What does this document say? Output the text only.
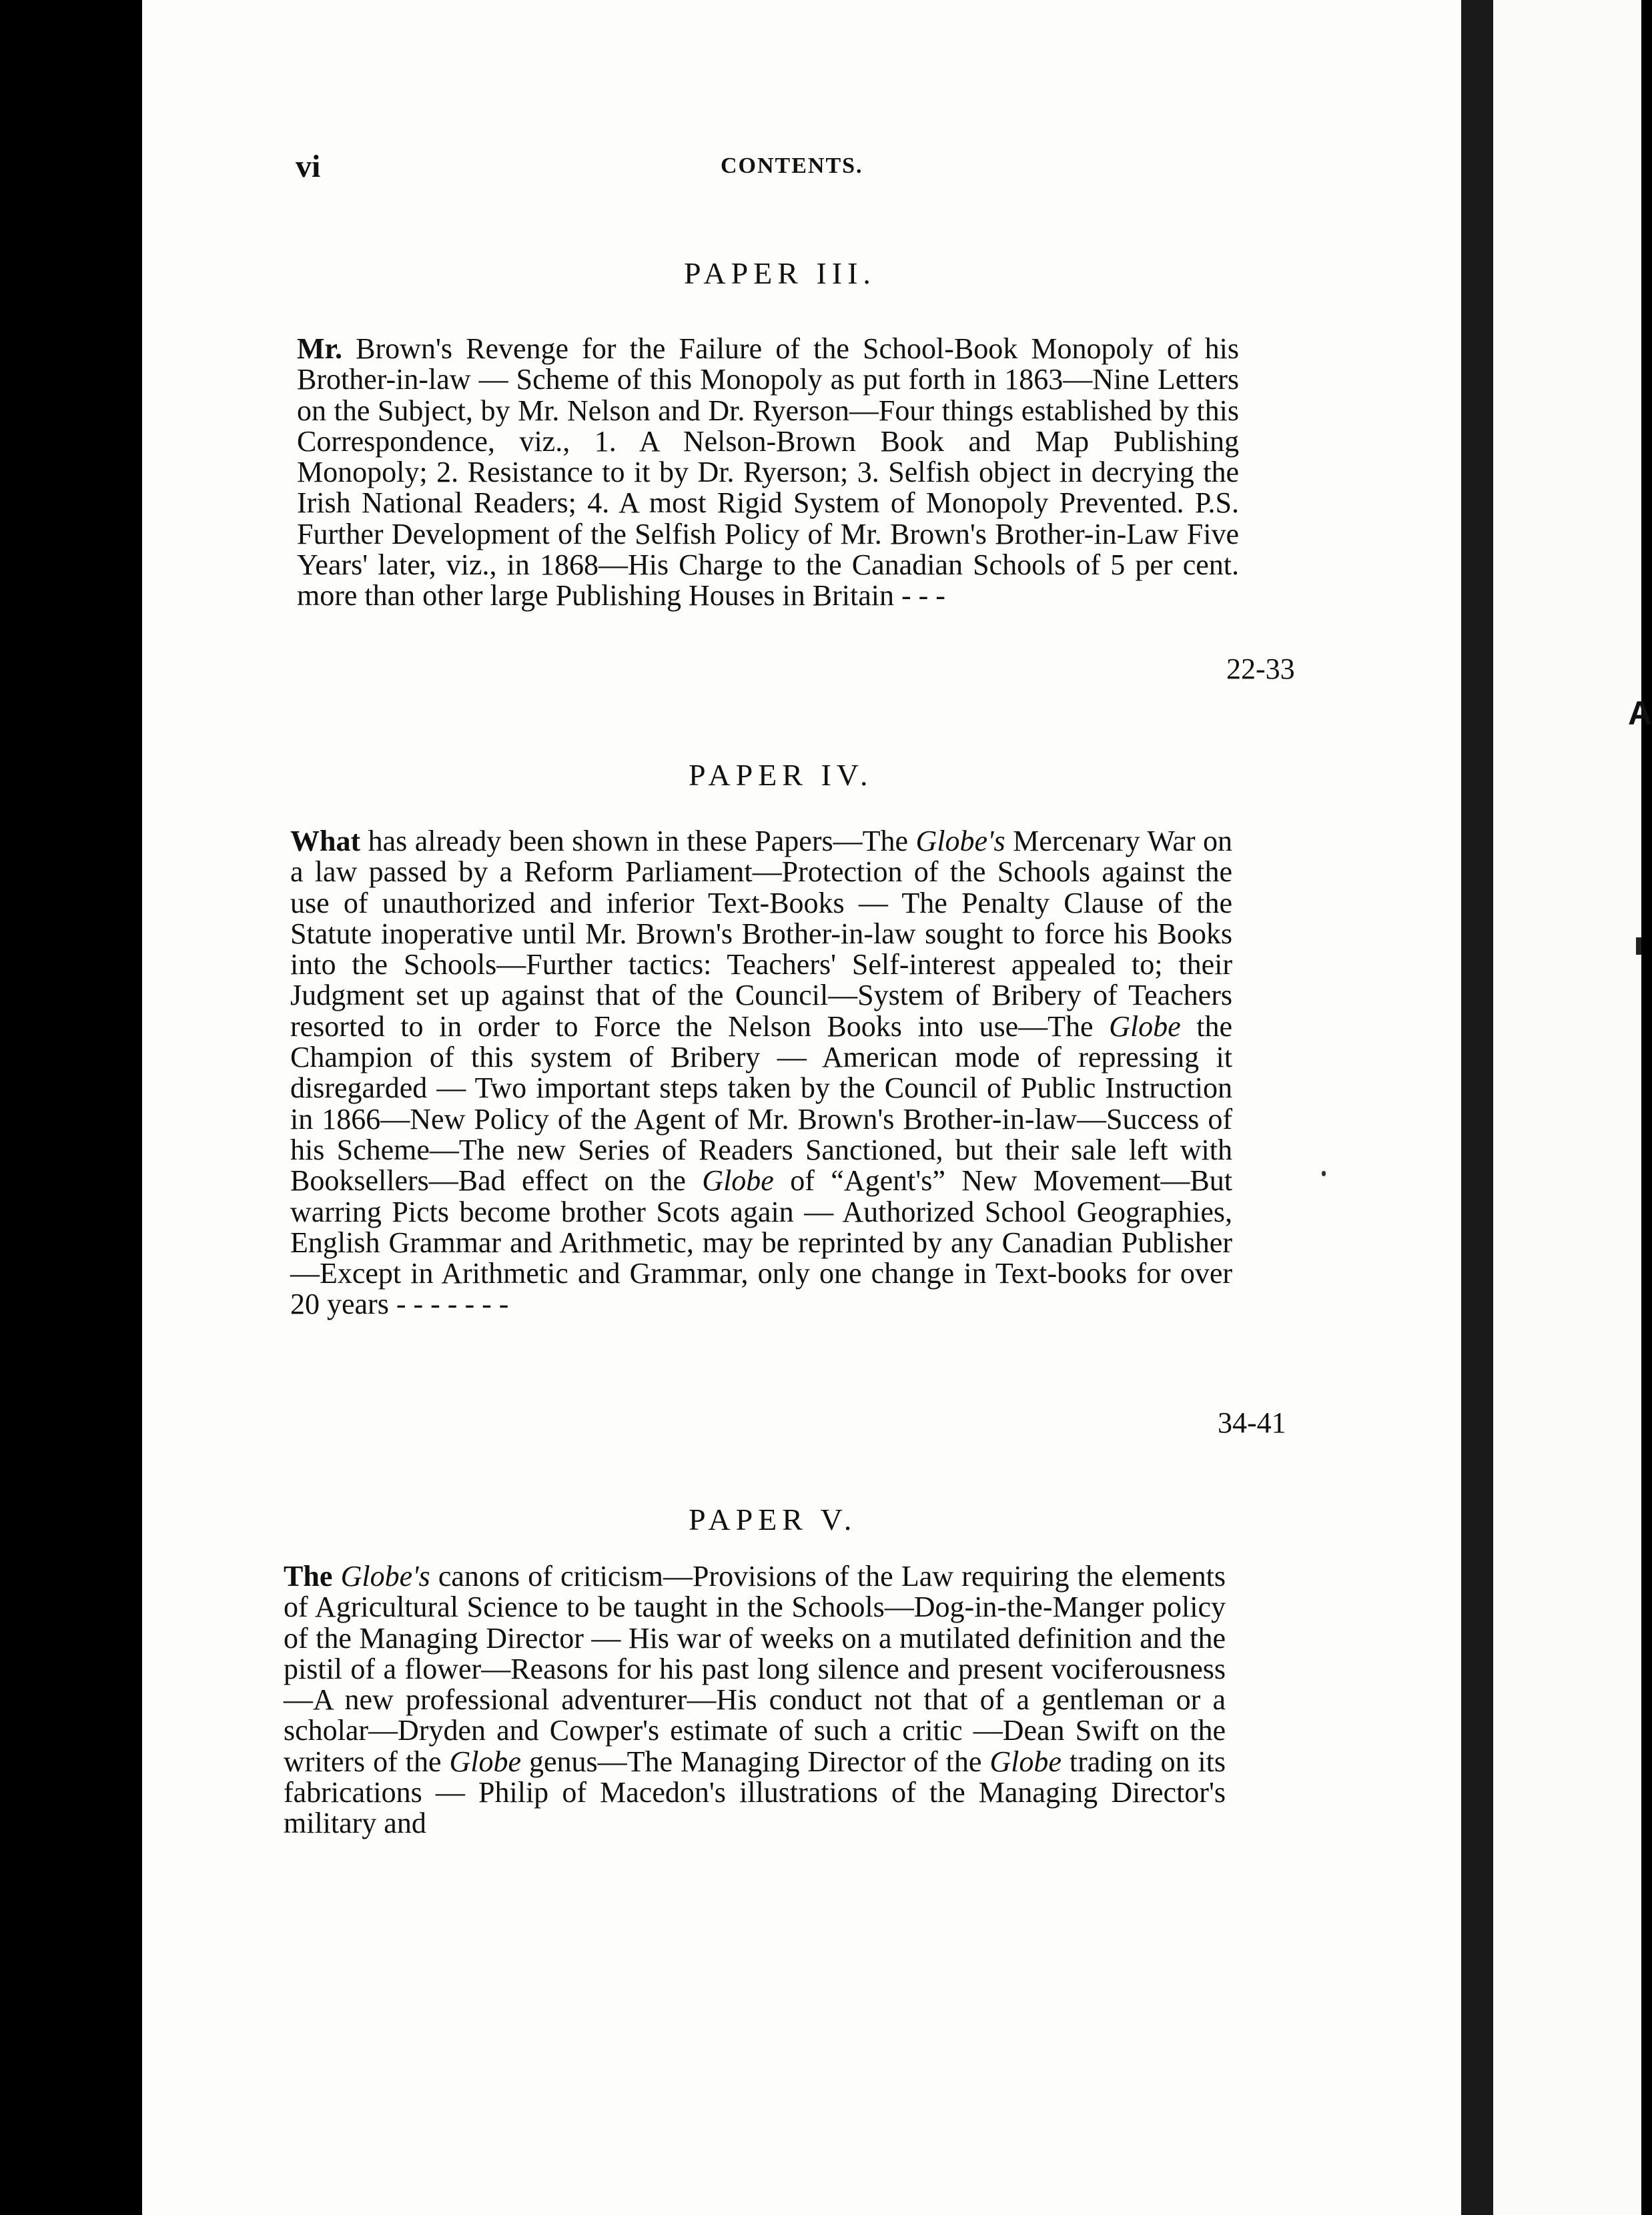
A
vi	CONTENTS.
PAPER III.
Mr. Brown's Revenge for the Failure of the School-Book Monopoly of his Brother-in-law — Scheme of this Monopoly as put forth in 1863—Nine Letters on the Subject, by Mr. Nelson and Dr. Ryerson—Four things established by this Correspondence, viz., 1. A Nelson-Brown Book and Map Publishing Monopoly; 2. Resistance to it by Dr. Ryerson; 3. Selfish object in decrying the Irish National Readers; 4. A most Rigid System of Monopoly Prevented. P.S. Further Development of the Selfish Policy of Mr. Brown's Brother-in-Law Five Years' later, viz., in 1868—His Charge to the Canadian Schools of 5 per cent. more than other large Publishing Houses in Britain - - -
22-33
PAPER IV.
What has already been shown in these Papers—The Globe's Mercenary War on a law passed by a Reform Parliament—Protection of the Schools against the use of unauthorized and inferior Text-Books — The Penalty Clause of the Statute inoperative until Mr. Brown's Brother-in-law sought to force his Books into the Schools—Further tactics: Teachers' Self-interest appealed to; their Judgment set up against that of the Council—System of Bribery of Teachers resorted to in order to Force the Nelson Books into use—The Globe the Champion of this system of Bribery — American mode of repressing it disregarded — Two important steps taken by the Council of Public Instruction in 1866—New Policy of the Agent of Mr. Brown's Brother-in-law—Success of his Scheme—The new Series of Readers Sanctioned, but their sale left with Booksellers—Bad effect on the Globe of “Agent's” New Movement—But warring Picts become brother Scots again — Authorized School Geographies, English Grammar and Arithmetic, may be reprinted by any Canadian Publisher—Except in Arithmetic and Grammar, only one change in Text-books for over 20 years - - - - - - -
34-41
PAPER V.
The Globe's canons of criticism—Provisions of the Law requiring the elements of Agricultural Science to be taught in the Schools—Dog-in-the-Manger policy of the Managing Director — His war of weeks on a mutilated definition and the pistil of a flower—Reasons for his past long silence and present vociferousness—A new professional adventurer—His conduct not that of a gentleman or a scholar—Dryden and Cowper's estimate of such a critic —Dean Swift on the writers of the Globe genus—The Managing Director of the Globe trading on its fabrications — Philip of Macedon's illustrations of the Managing Director's military and
